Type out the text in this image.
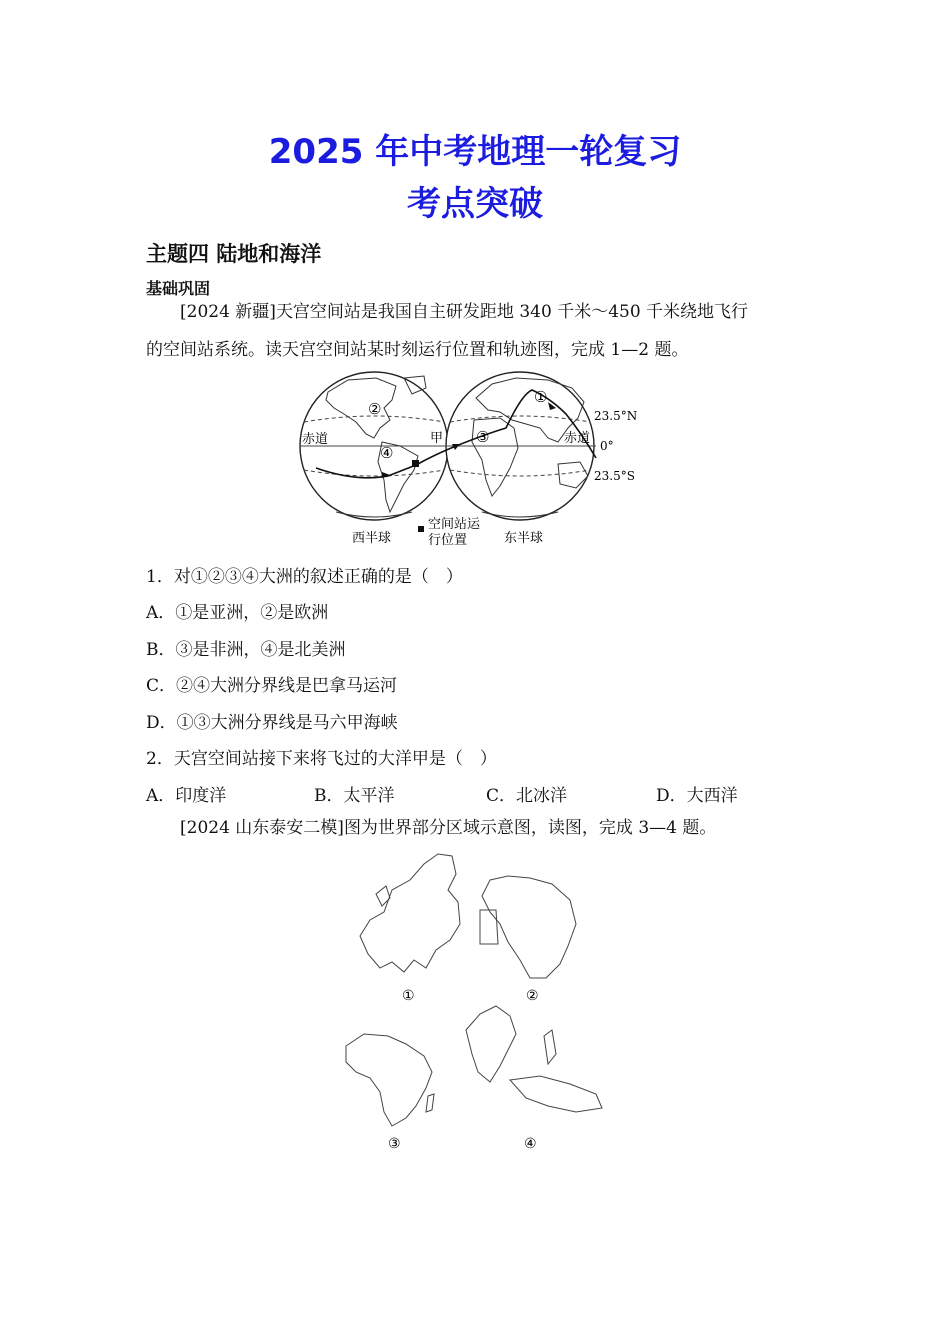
2025 年中考地理一轮复习
考点突破
主题四 陆地和海洋
基础巩固
[2024 新疆]天宫空间站是我国自主研发距地 340 千米～450 千米绕地飞行
的空间站系统。读天宫空间站某时刻运行位置和轨迹图，完成 1—2 题。
赤道	甲	赤道
23.5°N
0°
23.5°S
②
④
①
③
西半球
空间站运
行位置	东半球
1．对①②③④大洲的叙述正确的是（　）
A．①是亚洲，②是欧洲
B．③是非洲，④是北美洲
C．②④大洲分界线是巴拿马运河
D．①③大洲分界线是马六甲海峡
2．天宫空间站接下来将飞过的大洋甲是（　）
A．印度洋	B．太平洋	C．北冰洋	D．大西洋
[2024 山东泰安二模]图为世界部分区域示意图，读图，完成 3—4 题。
①	②
③	④
